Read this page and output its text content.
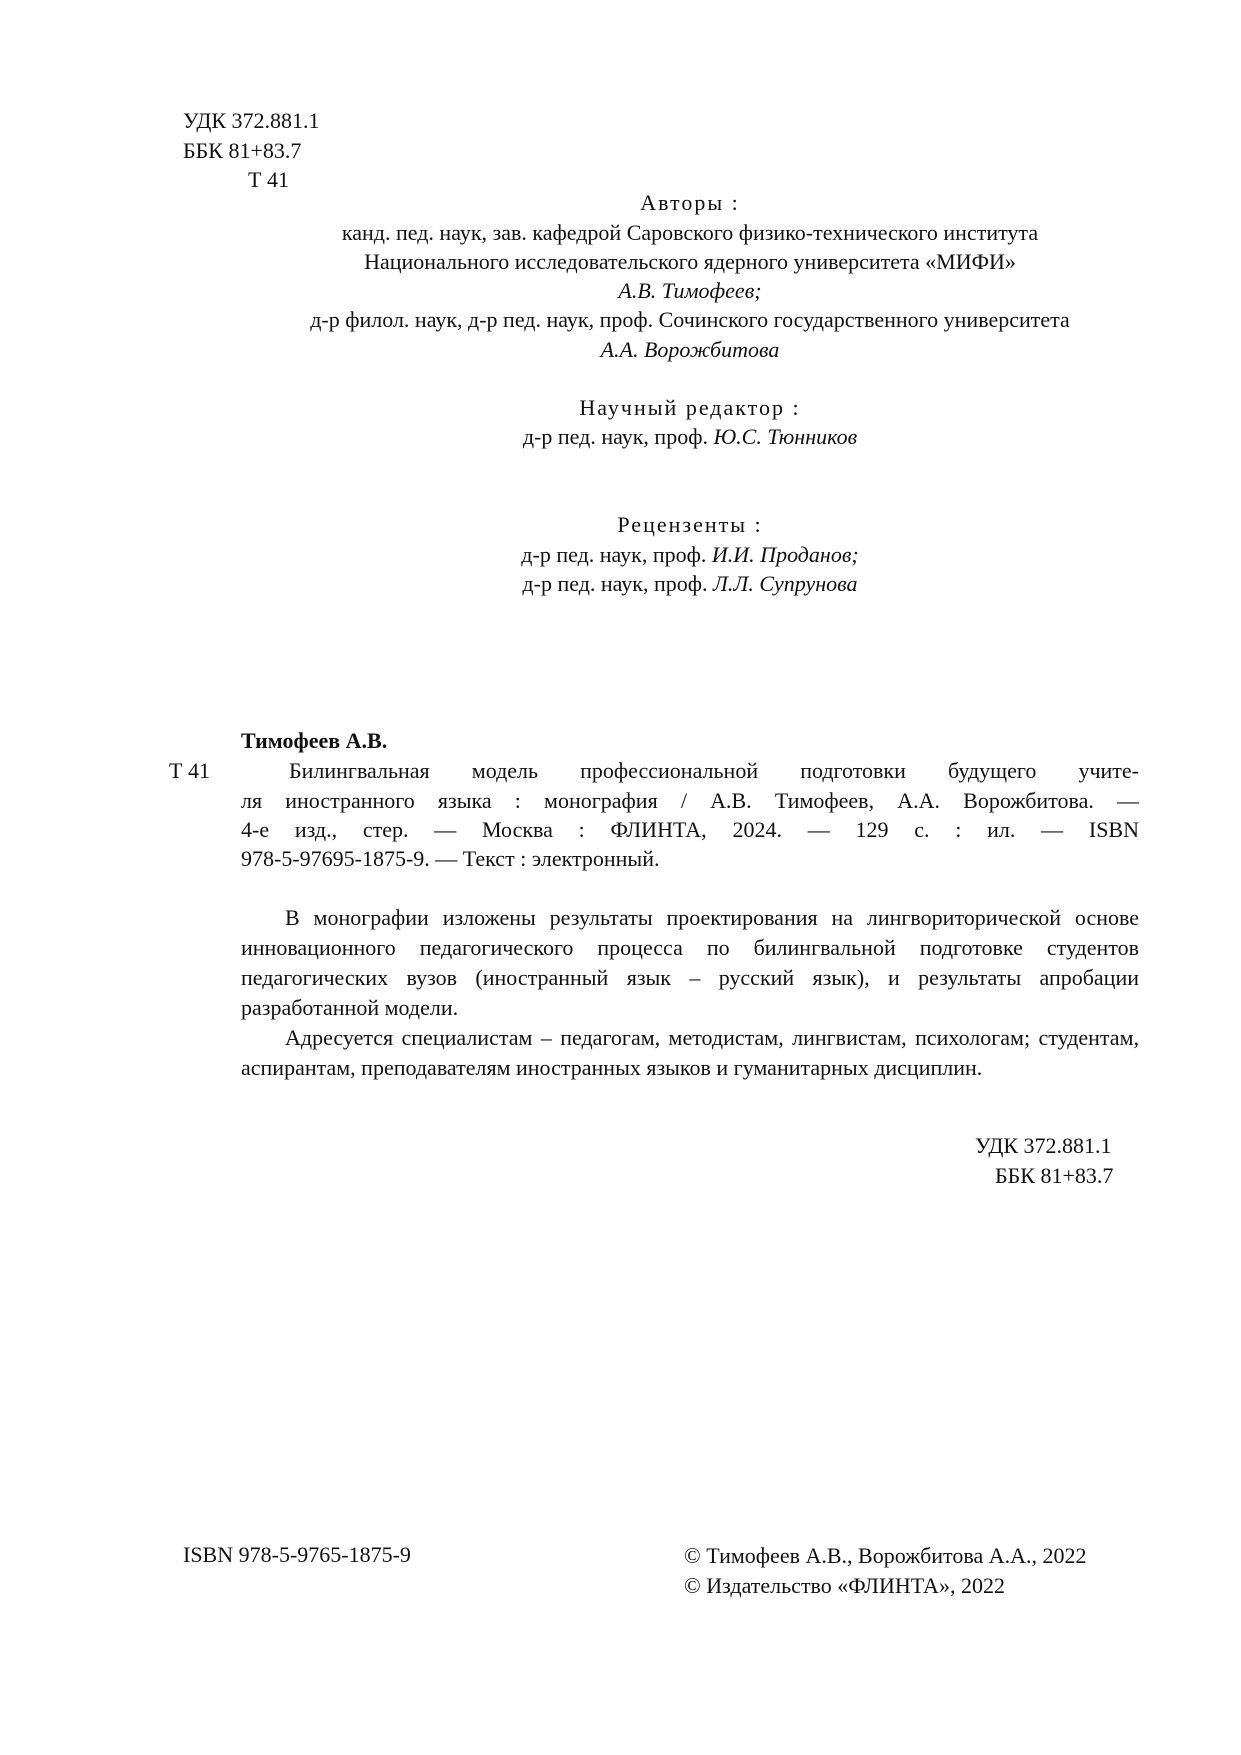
УДК 372.881.1
ББК 81+83.7
Т 41
Авторы :
канд. пед. наук, зав. кафедрой Саровского физико-технического института
Национального исследовательского ядерного университета «МИФИ»
А.В. Тимофеев;
д-р филол. наук, д-р пед. наук, проф. Сочинского государственного университета
А.А. Ворожбитова
Научный редактор :
д-р пед. наук, проф. Ю.С. Тюнников
Рецензенты :
д-р пед. наук, проф. И.И. Проданов;
д-р пед. наук, проф. Л.Л. Супрунова
Тимофеев А.В.
Т 41	Билингвальная модель профессиональной подготовки будущего учите-
ля иностранного языка : монография / А.В. Тимофеев, А.А. Ворожбитова. —
4-е изд., стер. — Москва : ФЛИНТА, 2024. — 129 с. : ил. — ISBN
978-5-97695-1875-9. — Текст : электронный.

В монографии изложены результаты проектирования на лингвориторической основе инновационного педагогического процесса по билингвальной подготовке студентов педагогических вузов (иностранный язык – русский язык), и результаты апробации разработанной модели.

Адресуется специалистам – педагогам, методистам, лингвистам, психологам; студентам, аспирантам, преподавателям иностранных языков и гуманитарных дисциплин.

УДК 372.881.1
ББК 81+83.7
ISBN 978-5-9765-1875-9	© Тимофеев А.В., Ворожбитова А.А., 2022
© Издательство «ФЛИНТА», 2022
